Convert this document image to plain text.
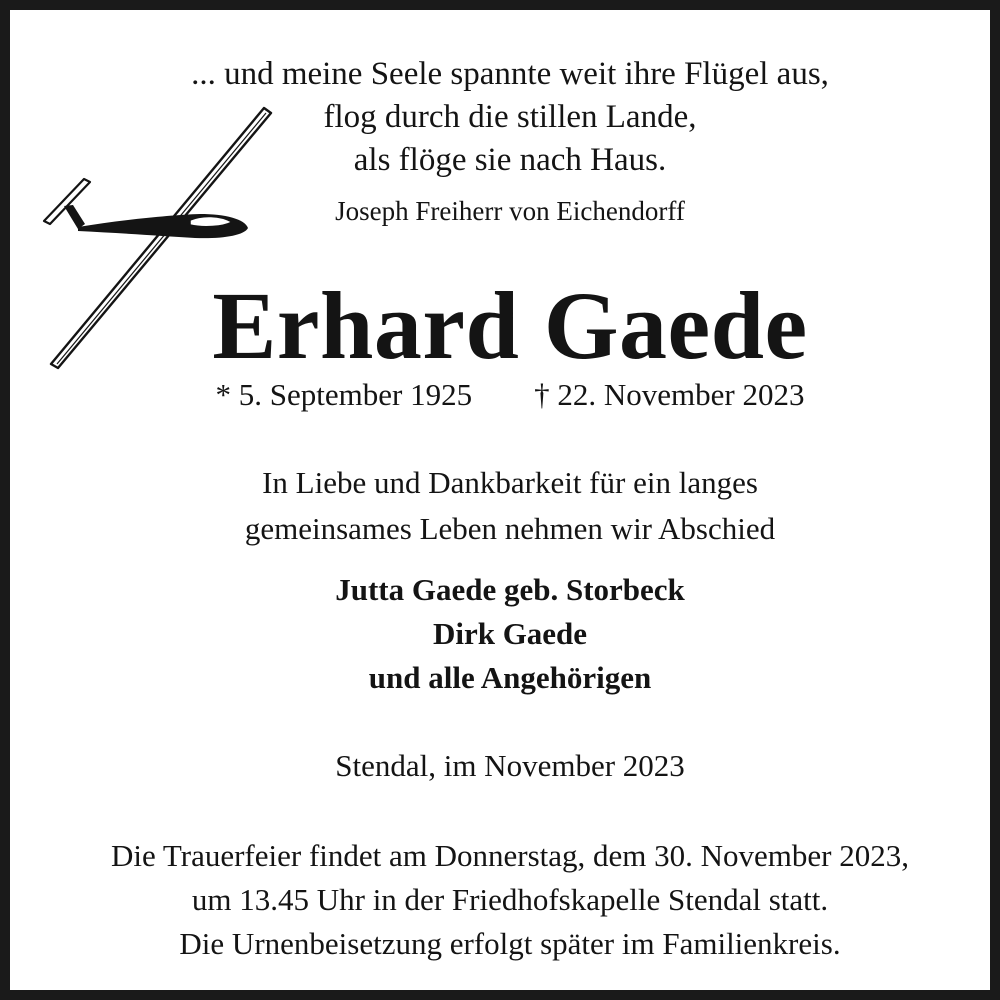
... und meine Seele spannte weit ihre Flügel aus,
flog durch die stillen Lande,
als flöge sie nach Haus.
Joseph Freiherr von Eichendorff
Erhard Gaede
* 5. September 1925 † 22. November 2023
In Liebe und Dankbarkeit für ein langes
gemeinsames Leben nehmen wir Abschied
Jutta Gaede geb. Storbeck
Dirk Gaede
und alle Angehörigen
Stendal, im November 2023
Die Trauerfeier findet am Donnerstag, dem 30. November 2023,
um 13.45 Uhr in der Friedhofskapelle Stendal statt.
Die Urnenbeisetzung erfolgt später im Familienkreis.
